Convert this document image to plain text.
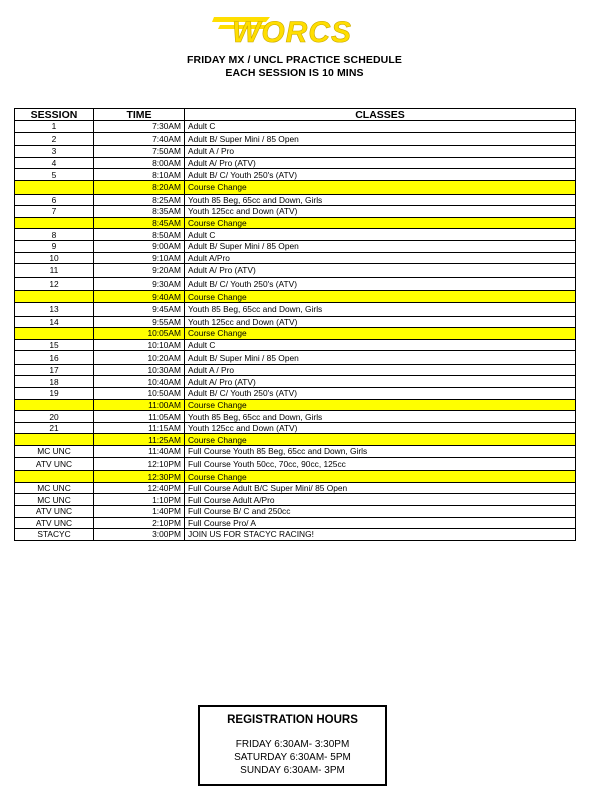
WORCS
FRIDAY MX / UNCL PRACTICE SCHEDULE
EACH SESSION IS 10 MINS
SESSION	TIME	CLASSES
1	7:30AM	Adult C
2	7:40AM	Adult B/ Super Mini / 85 Open
3	7:50AM	Adult A / Pro
4	8:00AM	Adult A/ Pro (ATV)
5	8:10AM	Adult B/ C/ Youth 250's (ATV)
	8:20AM	Course Change
6	8:25AM	Youth 85 Beg, 65cc and Down, Girls
7	8:35AM	Youth 125cc and Down (ATV)
	8:45AM	Course Change
8	8:50AM	Adult C
9	9:00AM	Adult B/ Super Mini / 85 Open
10	9:10AM	Adult A/Pro
11	9:20AM	Adult A/ Pro (ATV)
12	9:30AM	Adult B/ C/ Youth 250's (ATV)
	9:40AM	Course Change
13	9:45AM	Youth 85 Beg, 65cc and Down, Girls
14	9:55AM	Youth 125cc and Down (ATV)
	10:05AM	Course Change
15	10:10AM	Adult C
16	10:20AM	Adult B/ Super Mini / 85 Open
17	10:30AM	Adult A / Pro
18	10:40AM	Adult A/ Pro (ATV)
19	10:50AM	Adult B/ C/ Youth 250's (ATV)
	11:00AM	Course Change
20	11:05AM	Youth 85 Beg, 65cc and Down, Girls
21	11:15AM	Youth 125cc and Down (ATV)
	11:25AM	Course Change
MC UNC	11:40AM	Full Course Youth 85 Beg, 65cc and Down, Girls
ATV UNC	12:10PM	Full Course Youth 50cc, 70cc, 90cc, 125cc
	12:30PM	Course Change
MC UNC	12:40PM	Full Course Adult B/C Super Mini/ 85 Open
MC UNC	1:10PM	Full Course Adult A/Pro
ATV UNC	1:40PM	Full Course B/ C and 250cc
ATV UNC	2:10PM	Full Course Pro/ A
STACYC	3:00PM	JOIN US FOR STACYC RACING!
REGISTRATION HOURS
FRIDAY 6:30AM- 3:30PM
SATURDAY 6:30AM- 5PM
SUNDAY 6:30AM- 3PM
